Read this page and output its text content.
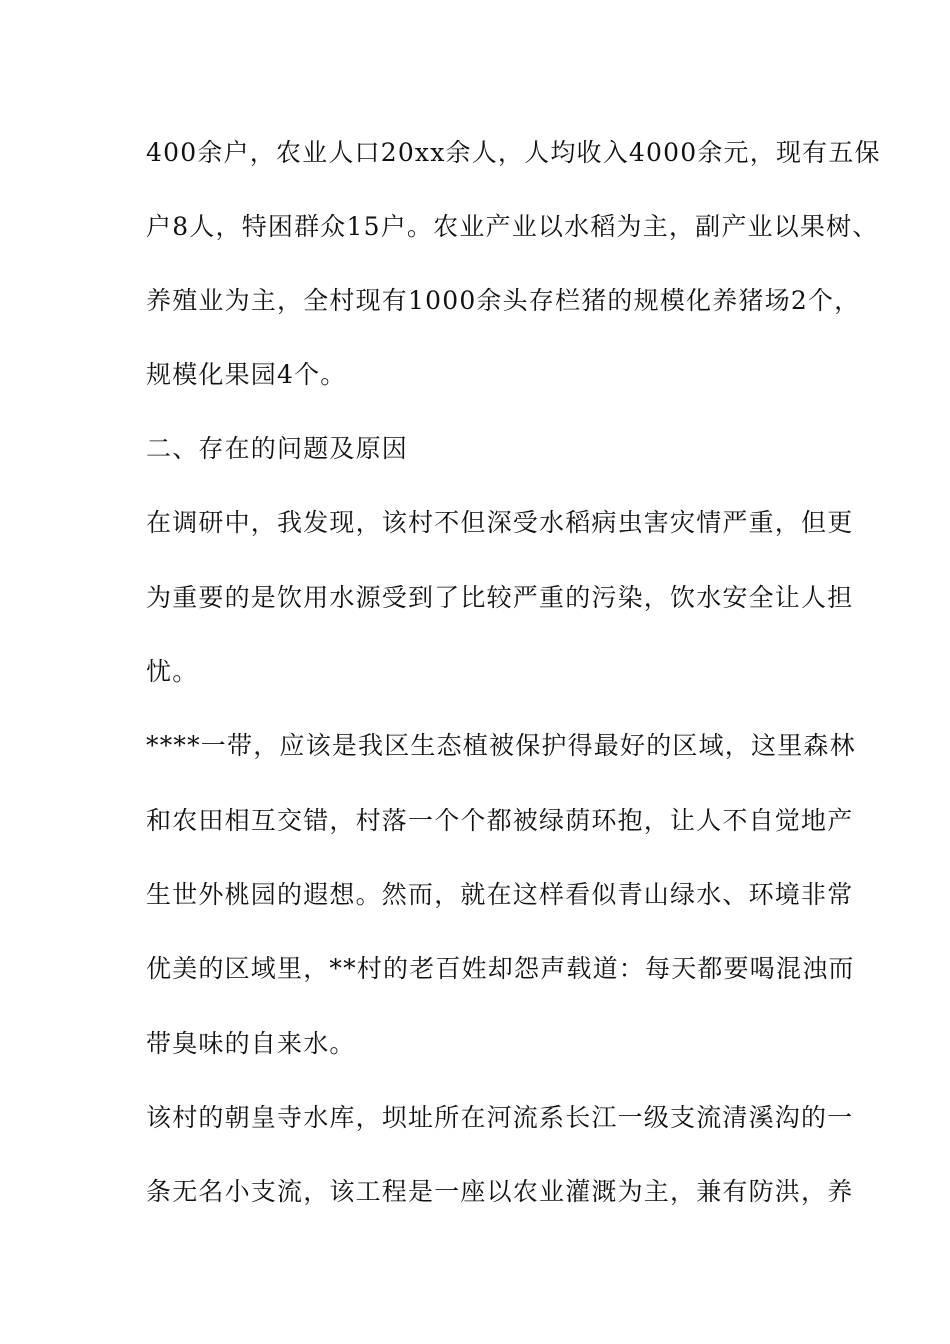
400余户，农业人口20xx余人，人均收入4000余元，现有五保
户8人，特困群众15户。农业产业以水稻为主，副产业以果树、
养殖业为主，全村现有1000余头存栏猪的规模化养猪场2个，
规模化果园4个。
二、存在的问题及原因
在调研中，我发现，该村不但深受水稻病虫害灾情严重，但更
为重要的是饮用水源受到了比较严重的污染，饮水安全让人担
忧。
****一带，应该是我区生态植被保护得最好的区域，这里森林
和农田相互交错，村落一个个都被绿荫环抱，让人不自觉地产
生世外桃园的遐想。然而，就在这样看似青山绿水、环境非常
优美的区域里，**村的老百姓却怨声载道：每天都要喝混浊而
带臭味的自来水。
该村的朝皇寺水库，坝址所在河流系长江一级支流清溪沟的一
条无名小支流，该工程是一座以农业灌溉为主，兼有防洪，养
